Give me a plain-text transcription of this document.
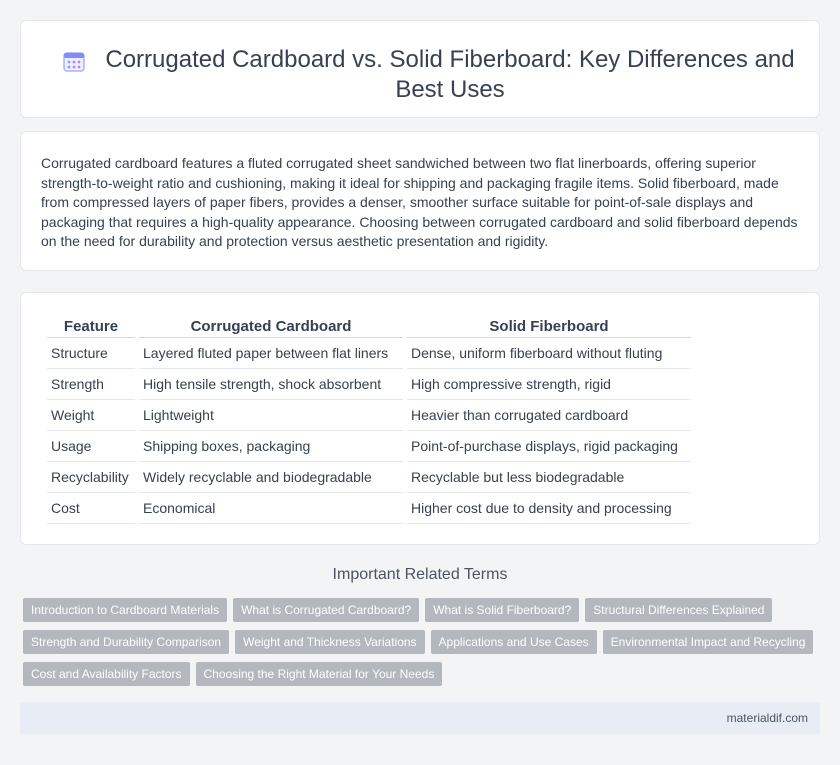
Corrugated Cardboard vs. Solid Fiberboard: Key Differences and Best Uses
Corrugated cardboard features a fluted corrugated sheet sandwiched between two flat linerboards, offering superior strength-to-weight ratio and cushioning, making it ideal for shipping and packaging fragile items. Solid fiberboard, made from compressed layers of paper fibers, provides a denser, smoother surface suitable for point-of-sale displays and packaging that requires a high-quality appearance. Choosing between corrugated cardboard and solid fiberboard depends on the need for durability and protection versus aesthetic presentation and rigidity.
Feature	Corrugated Cardboard	Solid Fiberboard
Structure	Layered fluted paper between flat liners	Dense, uniform fiberboard without fluting
Strength	High tensile strength, shock absorbent	High compressive strength, rigid
Weight	Lightweight	Heavier than corrugated cardboard
Usage	Shipping boxes, packaging	Point-of-purchase displays, rigid packaging
Recyclability	Widely recyclable and biodegradable	Recyclable but less biodegradable
Cost	Economical	Higher cost due to density and processing
Important Related Terms
Introduction to Cardboard Materials	What is Corrugated Cardboard?	What is Solid Fiberboard?	Structural Differences Explained
Strength and Durability Comparison	Weight and Thickness Variations	Applications and Use Cases	Environmental Impact and Recycling
Cost and Availability Factors	Choosing the Right Material for Your Needs
materialdif.com
